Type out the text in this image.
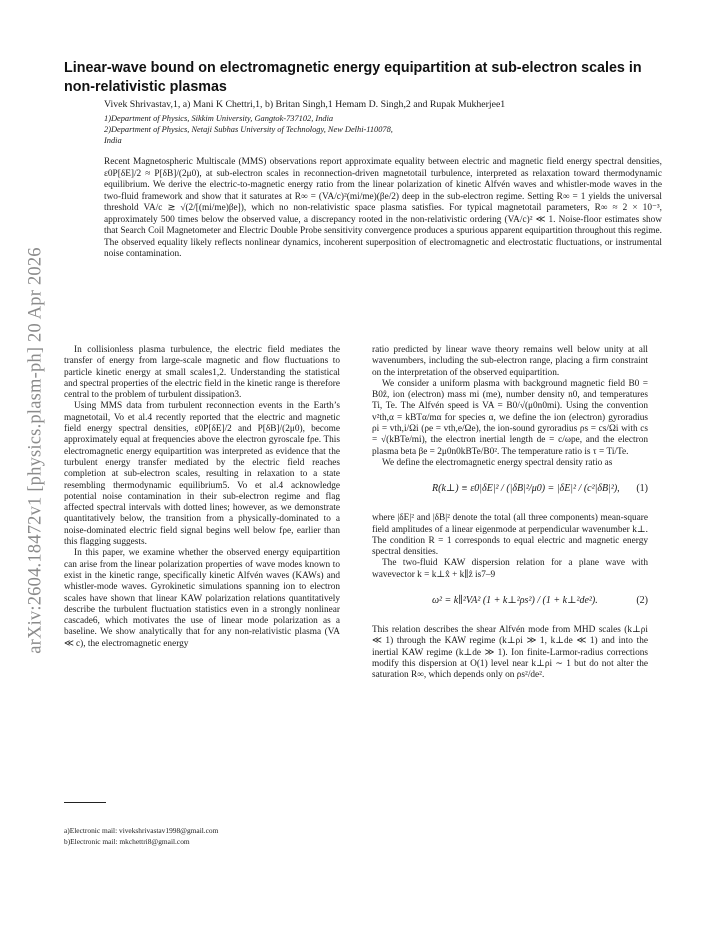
arXiv:2604.18472v1 [physics.plasm-ph] 20 Apr 2026
Linear-wave bound on electromagnetic energy equipartition at sub-electron scales in non-relativistic plasmas
Vivek Shrivastav,1, a) Mani K Chettri,1, b) Britan Singh,1 Hemam D. Singh,2 and Rupak Mukherjee1
1)Department of Physics, Sikkim University, Gangtok-737102, India
2)Department of Physics, Netaji Subhas University of Technology, New Delhi-110078,
India

Recent Magnetospheric Multiscale (MMS) observations report approximate equality between electric and magnetic field energy spectral densities, ε0P[δE]/2 ≈ P[δB]/(2μ0), at sub-electron scales in reconnection-driven magnetotail turbulence, interpreted as relaxation toward thermodynamic equilibrium. We derive the electric-to-magnetic energy ratio from the linear polarization of kinetic Alfvén waves and whistler-mode waves in the two-fluid framework and show that it saturates at R∞ = (VA/c)²(mi/me)(βe/2) deep in the sub-electron regime. Setting R∞ = 1 yields the universal threshold VA/c ≳ √(2/[(mi/me)βe]), which no non-relativistic space plasma satisfies. For typical magnetotail parameters, R∞ ≈ 2 × 10⁻³, approximately 500 times below the observed value, a discrepancy rooted in the non-relativistic ordering (VA/c)² ≪ 1. Noise-floor estimates show that Search Coil Magnetometer and Electric Double Probe sensitivity convergence produces a spurious apparent equipartition throughout this regime. The observed equality likely reflects nonlinear dynamics, incoherent superposition of electromagnetic and electrostatic fluctuations, or instrumental noise contamination.

In collisionless plasma turbulence, the electric field mediates the transfer of energy from large-scale magnetic and flow fluctuations to particle kinetic energy at small scales1,2. Understanding the statistical and spectral properties of the electric field in the kinetic range is therefore central to the problem of turbulent dissipation3.

Using MMS data from turbulent reconnection events in the Earth’s magnetotail, Vo et al.4 recently reported that the electric and magnetic field energy spectral densities, ε0P[δE]/2 and P[δB]/(2μ0), become approximately equal at frequencies above the electron gyroscale fρe. This electromagnetic energy equipartition was interpreted as evidence that the turbulent energy transfer mediated by the electric field reaches completion at sub-electron scales, resulting in relaxation to a state resembling thermodynamic equilibrium5. Vo et al.4 acknowledge potential noise contamination in their sub-electron regime and flag affected spectral intervals with dotted lines; however, as we demonstrate quantitatively below, the transition from a physically-dominated to a noise-dominated electric field signal begins well below fρe, earlier than this flagging suggests.

In this paper, we examine whether the observed energy equipartition can arise from the linear polarization properties of wave modes known to exist in the kinetic range, specifically kinetic Alfvén waves (KAWs) and whistler-mode waves. Gyrokinetic simulations spanning ion to electron scales have shown that linear KAW polarization relations quantitatively describe the turbulent fluctuation statistics even in a strongly nonlinear cascade6, which motivates the use of linear mode polarization as a baseline. We show analytically that for any non-relativistic plasma (VA ≪ c), the electromagnetic energy

ratio predicted by linear wave theory remains well below unity at all wavenumbers, including the sub-electron range, placing a firm constraint on the interpretation of the observed equipartition.

We consider a uniform plasma with background magnetic field B0 = B0ẑ, ion (electron) mass mi (me), number density n0, and temperatures Ti, Te. The Alfvén speed is VA = B0/√(μ0n0mi). Using the convention v²th,α = kBTα/mα for species α, we define the ion (electron) gyroradius ρi = vth,i/Ωi (ρe = vth,e/Ωe), the ion-sound gyroradius ρs = cs/Ωi with cs = √(kBTe/mi), the electron inertial length de = c/ωpe, and the electron plasma beta βe = 2μ0n0kBTe/B0². The temperature ratio is τ = Ti/Te.

We define the electromagnetic energy spectral density ratio as

R(k⊥) ≡ ε0|δE|² / (|δB|²/μ0) = |δE|² / (c²|δB|²), (1)

where |δE|² and |δB|² denote the total (all three components) mean-square field amplitudes of a linear eigenmode at perpendicular wavenumber k⊥. The condition R = 1 corresponds to equal electric and magnetic energy spectral densities.

The two-fluid KAW dispersion relation for a plane wave with wavevector k = k⊥x̂ + k∥ẑ is7–9

ω² = k∥²VA² (1 + k⊥²ρs²) / (1 + k⊥²de²).	(2)

This relation describes the shear Alfvén mode from MHD scales (k⊥ρi ≪ 1) through the KAW regime (k⊥ρi ≫ 1, k⊥de ≪ 1) and into the inertial KAW regime (k⊥de ≫ 1). Ion finite-Larmor-radius corrections modify this dispersion at O(1) level near k⊥ρi ∼ 1 but do not alter the saturation R∞, which depends only on ρs²/de².

a)Electronic mail: vivekshrivastav1998@gmail.com
b)Electronic mail: mkchettri8@gmail.com
